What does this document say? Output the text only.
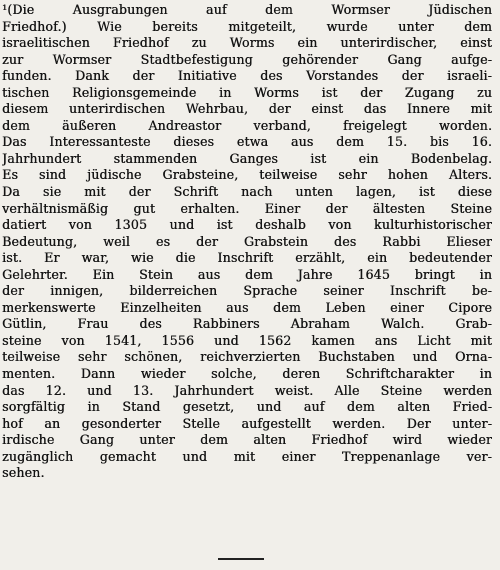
¹(Die Ausgrabungen auf dem Wormser Jüdischen
Friedhof.) Wie bereits mitgeteilt, wurde unter dem
israelitischen Friedhof zu Worms ein unterirdischer, einst
zur Wormser Stadtbefestigung gehörender Gang aufge-
funden. Dank der Initiative des Vorstandes der israeli-
tischen Religionsgemeinde in Worms ist der Zugang zu
diesem unterirdischen Wehrbau, der einst das Innere mit
dem äußeren Andreastor verband, freigelegt worden.
Das Interessanteste dieses etwa aus dem 15. bis 16.
Jahrhundert stammenden Ganges ist ein Bodenbelag.
Es sind jüdische Grabsteine, teilweise sehr hohen Alters.
Da sie mit der Schrift nach unten lagen, ist diese
verhältnismäßig gut erhalten. Einer der ältesten Steine
datiert von 1305 und ist deshalb von kulturhistorischer
Bedeutung, weil es der Grabstein des Rabbi Elieser
ist. Er war, wie die Inschrift erzählt, ein bedeutender
Gelehrter. Ein Stein aus dem Jahre 1645 bringt in
der innigen, bilderreichen Sprache seiner Inschrift be-
merkenswerte Einzelheiten aus dem Leben einer Cipore
Gütlin, Frau des Rabbiners Abraham Walch. Grab-
steine von 1541, 1556 und 1562 kamen ans Licht mit
teilweise sehr schönen, reichverzierten Buchstaben und Orna-
menten. Dann wieder solche, deren Schriftcharakter in
das 12. und 13. Jahrhundert weist. Alle Steine werden
sorgfältig in Stand gesetzt, und auf dem alten Fried-
hof an gesonderter Stelle aufgestellt werden. Der unter-
irdische Gang unter dem alten Friedhof wird wieder
zugänglich gemacht und mit einer Treppenanlage ver-
sehen.
